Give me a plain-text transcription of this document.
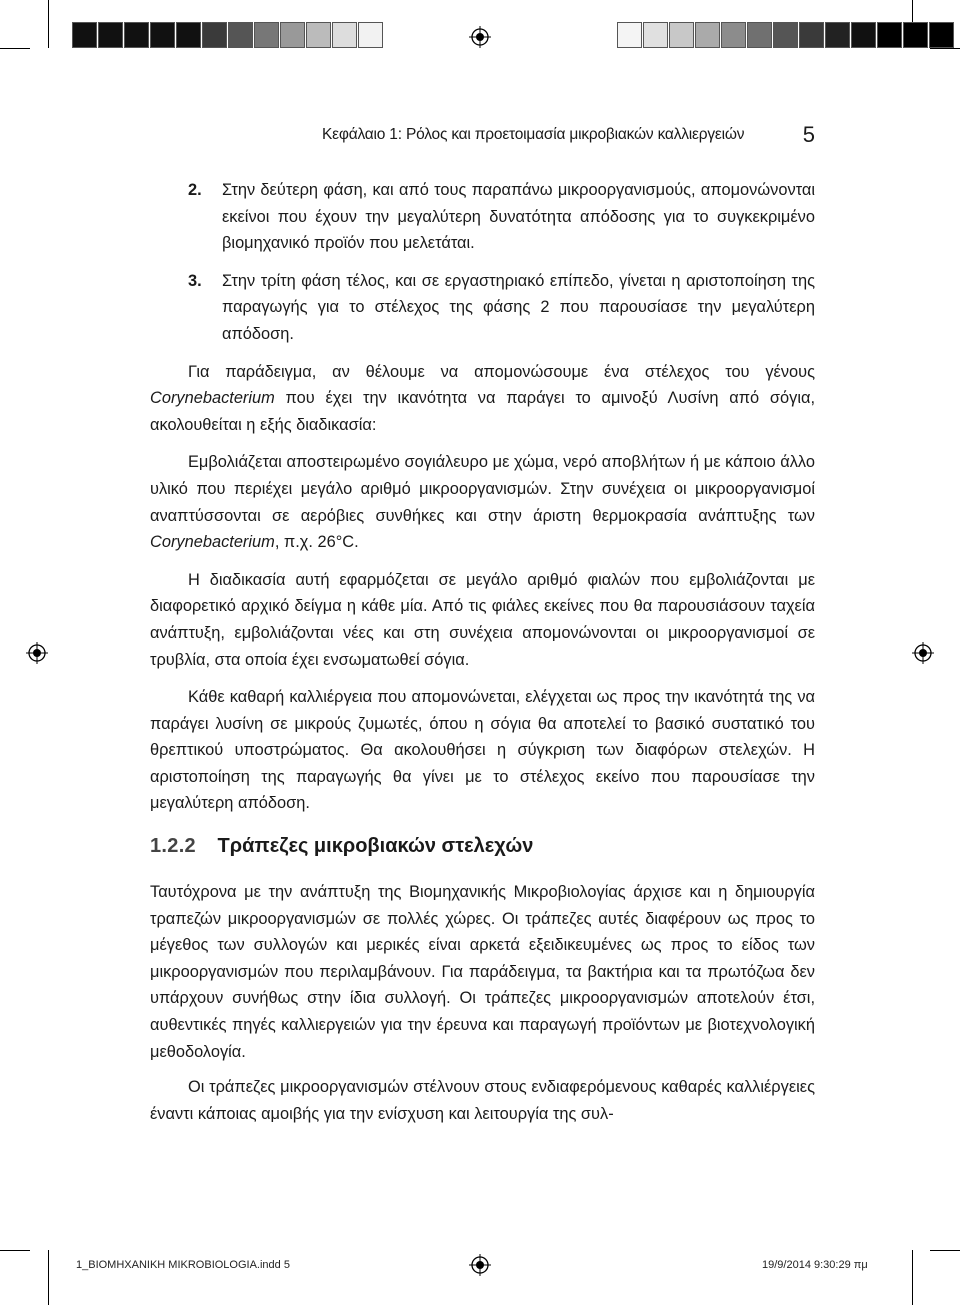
Κεφάλαιο 1: Ρόλος και προετοιμασία μικροβιακών καλλιεργειών	5
2. Στην δεύτερη φάση, και από τους παραπάνω μικροοργανισμούς, απομονώνονται εκείνοι που έχουν την μεγαλύτερη δυνατότητα απόδοσης για το συγκεκριμένο βιομηχανικό προϊόν που μελετάται.
3. Στην τρίτη φάση τέλος, και σε εργαστηριακό επίπεδο, γίνεται η αριστοποίηση της παραγωγής για το στέλεχος της φάσης 2 που παρουσίασε την μεγαλύτερη απόδοση.

Για παράδειγμα, αν θέλουμε να απομονώσουμε ένα στέλεχος του γένους Corynebacterium που έχει την ικανότητα να παράγει το αμινοξύ Λυσίνη από σόγια, ακολουθείται η εξής διαδικασία:

Εμβολιάζεται αποστειρωμένο σογιάλευρο με χώμα, νερό αποβλήτων ή με κάποιο άλλο υλικό που περιέχει μεγάλο αριθμό μικροοργανισμών. Στην συνέχεια οι μικροοργανισμοί αναπτύσσονται σε αερόβιες συνθήκες και στην άριστη θερμοκρασία ανάπτυξης των Corynebacterium, π.χ. 26°C.

Η διαδικασία αυτή εφαρμόζεται σε μεγάλο αριθμό φιαλών που εμβολιάζονται με διαφορετικό αρχικό δείγμα η κάθε μία. Από τις φιάλες εκείνες που θα παρουσιάσουν ταχεία ανάπτυξη, εμβολιάζονται νέες και στη συνέχεια απομονώνονται οι μικροοργανισμοί σε τρυβλία, στα οποία έχει ενσωματωθεί σόγια.

Κάθε καθαρή καλλιέργεια που απομονώνεται, ελέγχεται ως προς την ικανότητά της να παράγει λυσίνη σε μικρούς ζυμωτές, όπου η σόγια θα αποτελεί το βασικό συστατικό του θρεπτικού υποστρώματος. Θα ακολουθήσει η σύγκριση των διαφόρων στελεχών. Η αριστοποίηση της παραγωγής θα γίνει με το στέλεχος εκείνο που παρουσίασε την μεγαλύτερη απόδοση.

1.2.2 Τράπεζες μικροβιακών στελεχών

Ταυτόχρονα με την ανάπτυξη της Βιομηχανικής Μικροβιολογίας άρχισε και η δημιουργία τραπεζών μικροοργανισμών σε πολλές χώρες. Οι τράπεζες αυτές διαφέρουν ως προς το μέγεθος των συλλογών και μερικές είναι αρκετά εξειδικευμένες ως προς το είδος των μικροοργανισμών που περιλαμβάνουν. Για παράδειγμα, τα βακτήρια και τα πρωτόζωα δεν υπάρχουν συνήθως στην ίδια συλλογή. Οι τράπεζες μικροοργανισμών αποτελούν έτσι, αυθεντικές πηγές καλλιεργειών για την έρευνα και παραγωγή προϊόντων με βιοτεχνολογική μεθοδολογία.

Οι τράπεζες μικροοργανισμών στέλνουν στους ενδιαφερόμενους καθαρές καλλιέργειες έναντι κάποιας αμοιβής για την ενίσχυση και λειτουργία της συλ-

1_ΒΙΟΜΗΧΑΝΙΚΗ MIKROBIOLOGIA.indd 5	19/9/2014 9:30:29 πμ
